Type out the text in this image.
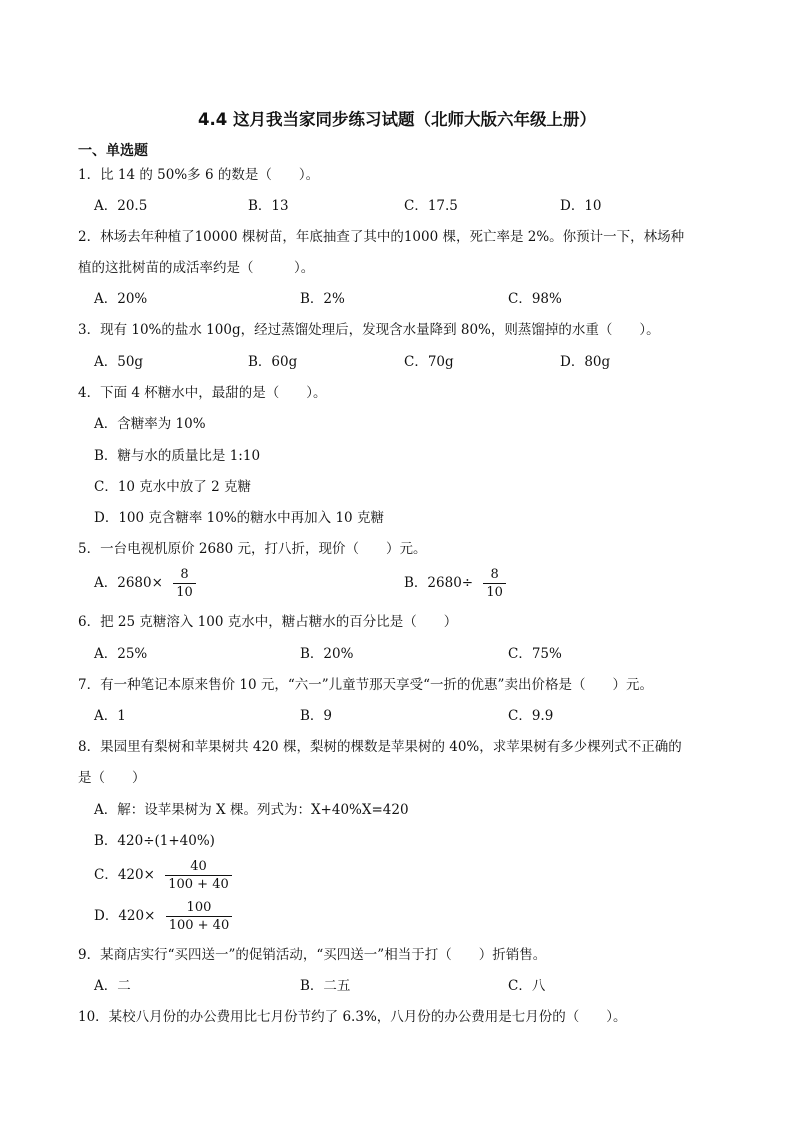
4.4 这月我当家同步练习试题（北师大版六年级上册）
一、单选题
1．比 14 的 50%多 6 的数是（　　）。
A．20.5	B．13	C．17.5	D．10
2．林场去年种植了10000 棵树苗，年底抽查了其中的1000 棵，死亡率是 2%。你预计一下，林场种
植的这批树苗的成活率约是（　　　）。
A．20%	B．2%	C．98%
3．现有 10%的盐水 100g，经过蒸馏处理后，发现含水量降到 80%，则蒸馏掉的水重（　　）。
A．50g	B．60g	C．70g	D．80g
4．下面 4 杯糖水中，最甜的是（　　）。
A．含糖率为 10%
B．糖与水的质量比是 1:10
C．10 克水中放了 2 克糖
D．100 克含糖率 10%的糖水中再加入 10 克糖
5．一台电视机原价 2680 元，打八折，现价（　　）元。
A．$2680\times \frac{8}{10}$	B．$2680\div \frac{8}{10}$
6．把 25 克糖溶入 100 克水中，糖占糖水的百分比是（　　）
A．25%	B．20%	C．75%
7．有一种笔记本原来售价 10 元，“六一”儿童节那天享受“一折的优惠”卖出价格是（　　）元。
A．1	B．9	C．9.9
8．果园里有梨树和苹果树共 420 棵，梨树的棵数是苹果树的 40%，求苹果树有多少棵列式不正确的
是（　　）
A．解：设苹果树为 X 棵。列式为：X+40%X=420
B．420÷(1+40%)
C．$420\times \frac{40}{100 + 40}$
D．$420\times \frac{100}{100 + 40}$
9．某商店实行“买四送一”的促销活动，“买四送一”相当于打（　　）折销售。
A．二	B．二五	C．八
10．某校八月份的办公费用比七月份节约了 6.3%，八月份的办公费用是七月份的（　　）。
